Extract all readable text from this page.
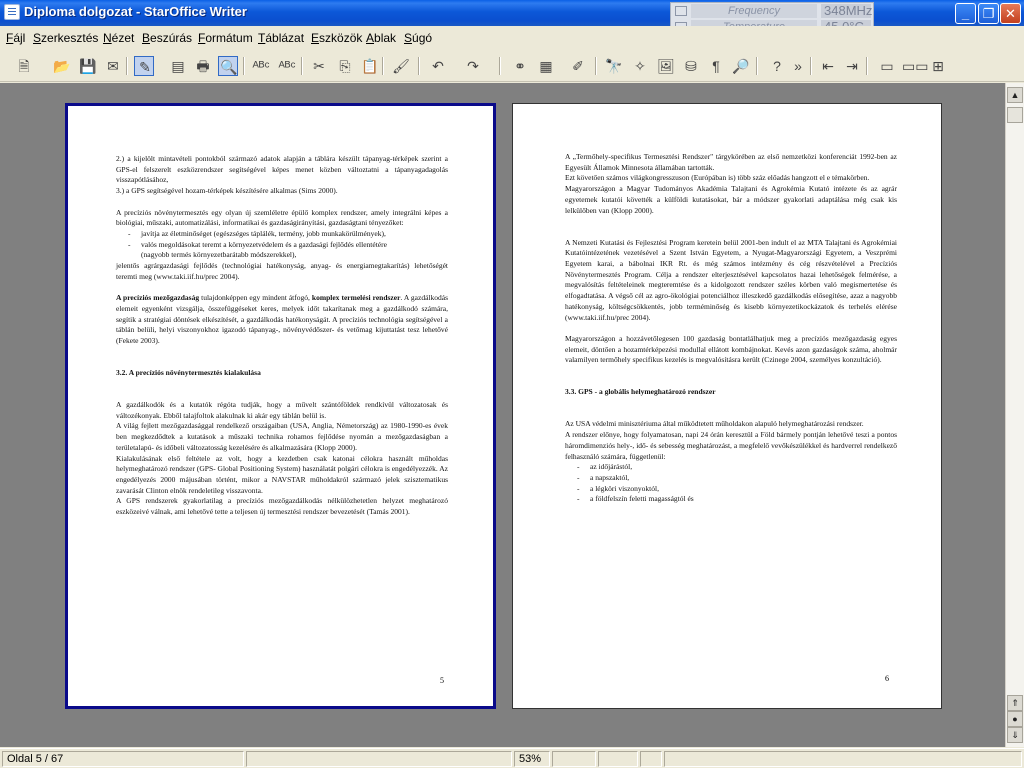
Diploma dolgozat - StarOffice Writer	_	❐ ✕
Frequency	348MHz
Fájl Szerkesztés Nézet Beszúrás Formátum Táblázat Eszközök Ablak Súgó
🗎	📂 💾 ✉ ✎ ▤ 🖶 🔍 ᴬᴮᶜ ᴬᴮᶜ ✂	⎘ 📋 🖌 ↶ ↷	⚭ ▦ ✐ 🔭 ✧ 🖼 ⛁	¶ 🔎	? »	⇤ ⇥ ▭ ▭▭ ⊞

2.) a kijelölt mintavételi pontokból származó adatok alapján a táblára készült tápanyag-térképek szerint a GPS-el felszerelt eszközrendszer segítségével képes menet közben változtatni a tápanyagadagolás visszapótlásához,

3.) a GPS segítségével hozam-térképek készítésére alkalmas (Sims 2000).

A precíziós növénytermesztés egy olyan új szemléletre épülő komplex rendszer, amely integrálni képes a biológiai, műszaki, automatizálási, informatikai és gazdaságirányítási, gazdaságtani tényezőket:

- javítja az életminőséget (egészséges táplálék, termény, jobb munkakörülmények),

- valós megoldásokat teremt a környezetvédelem és a gazdasági fejlődés ellentétére

(nagyobb termés környezetbarátabb módszerekkel),

jelentős agrárgazdasági fejlődés (technológiai hatékonyság, anyag- és energiamegtakarítás) lehetőségét teremti meg (www.taki.iif.hu/prec 2004).

A precíziós mezőgazdaság tulajdonképpen egy mindent átfogó, komplex termelési rendszer. A gazdálkodás elemeit egyenként vizsgálja, összefüggéseket keres, melyek időt takarítanak meg a gazdálkodó számára, segítik a stratégiai döntések elkészítését, a gazdálkodás hatékonyságát. A precíziós technológia segítségével a táblán belüli, helyi viszonyokhoz igazodó tápanyag-, növényvédőszer- és vetőmag kijuttatást tesz lehetővé (Fekete 2003).

3.2. A precíziós növénytermesztés kialakulása

A gazdálkodók és a kutatók régóta tudják, hogy a művelt szántóföldek rendkívül változatosak és változékonyak. Ebből talajfoltok alakulnak ki akár egy táblán belül is.

A világ fejlett mezőgazdasággal rendelkező országaiban (USA, Anglia, Németország) az 1980-1990-es évek ben megkezdődtek a kutatások a műszaki technika rohamos fejlődése nyomán a mezőgazdaságban a területalapú- és időbeli változatosság kezelésére és alkalmazására (Klopp 2000).

Kialakulásának első feltétele az volt, hogy a kezdetben csak katonai célokra használt műholdas helymeghatározó rendszer (GPS- Global Positioning System) használatát polgári célokra is engedélyezzék. Az engedélyezés 2000 májusában történt, mikor a NAVSTAR műholdakról származó jelek szisztematikus zavarását Clinton elnök rendeletileg visszavonta.

A GPS rendszerek gyakorlatilag a precíziós mezőgazdálkodás nélkülözhetetlen helyzet meghatározó eszközeivé válnak, ami lehetővé tette a teljesen új termesztési rendszer bevezetését (Tamás 2001).

5

A „Termőhely-specifikus Termesztési Rendszer" tárgykörében az első nemzetközi konferenciát 1992-ben az Egyesült Államok Minnesota államában tartották.

Ezt követően számos világkongresszuson (Európában is) több száz előadás hangzott el e témakörben.

Magyarországon a Magyar Tudományos Akadémia Talajtani és Agrokémia Kutató intézete és az agrár egyetemek kutatói követték a külföldi kutatásokat, bár a módszer gyakorlati adaptálása még csak kis lelkülőben van (Klopp 2000).

A Nemzeti Kutatási és Fejlesztési Program keretein belül 2001-ben indult el az MTA Talajtani és Agrokémiai Kutatóintézetének vezetésével a Szent István Egyetem, a Nyugat-Magyarországi Egyetem, a Veszprémi Egyetem karai, a bábolnai IKR Rt. és még számos intézmény és cég részvételével a Precíziós Növénytermesztés Program. Célja a rendszer elterjesztésével kapcsolatos hazai lehetőségek felmérése, a megvalósítás feltételeinek megteremtése és a kidolgozott rendszer széles körben való megismertetése és elfogadtatása. A végső cél az agro-ökológiai potenciálhoz illeszkedő gazdálkodás elősegítése, azaz a nagyobb hatékonyság, költségcsökkentés, jobb terméminőség és kisebb környezetikockázatok és terhelés elérése (www.taki.iif.hu/prec 2004).

Magyarországon a hozzávetőlegesen 100 gazdaság bontatlálhatjuk meg a precíziós mezőgazdaság egyes elemeit, döntően a hozamtérképezési modullal ellátott kombájnokat. Kevés azon gazdaságok száma, aholmár valamilyen termőhely specifikus kezelés is megvalósításra került (Czinege 2004, személyes konzultáció).

3.3. GPS - a globális helymeghatározó rendszer

Az USA védelmi minisztériuma által működtetett műholdakon alapuló helymeghatározási rendszer.

A rendszer előnye, hogy folyamatosan, napi 24 órán keresztül a Föld bármely pontján lehetővé teszi a pontos háromdimenziós hely-, idő- és sebesség meghatározást, a megfelelő vevőkészülékkel és hardverrel rendelkező felhasználó számára, függetlenül:

- az időjárástól,

- a napszaktól,

- a légköri viszonyoktól,

- a földfelszín feletti magasságtól és

6
▲
⇑
●
⇓
Oldal 5 / 67	53%
